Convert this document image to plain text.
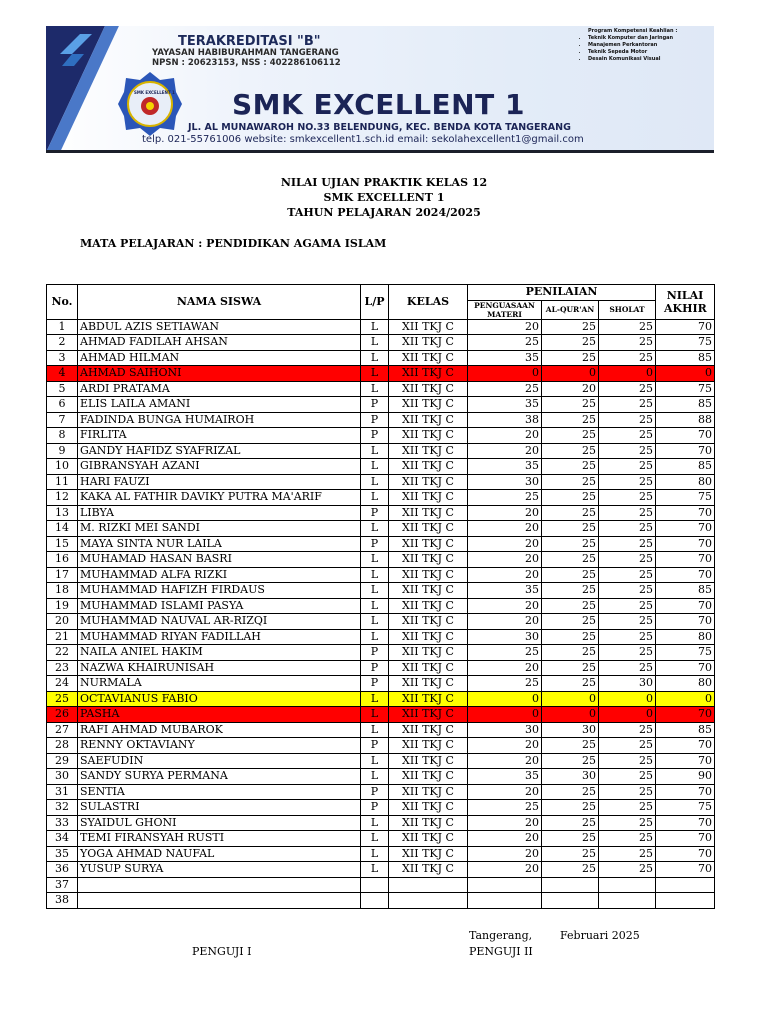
SMK EXCELLENT 1
TERAKREDITASI "B"
YAYASAN HABIBURAHMAN TANGERANG
NPSN : 20623153, NSS : 402286106112
SMK EXCELLENT 1
JL. AL MUNAWAROH NO.33 BELENDUNG, KEC. BENDA KOTA TANGERANG
telp. 021-55761006 website: smkexcellent1.sch.id email: sekolahexcellent1@gmail.com
Program Kompetensi Keahlian :
• Teknik Komputer dan Jaringan
• Manajemen Perkantoran
• Teknik Sepeda Motor
• Desain Komunikasi Visual
NILAI UJIAN PRAKTIK KELAS 12
SMK EXCELLENT 1
TAHUN PELAJARAN 2024/2025
MATA PELAJARAN : PENDIDIKAN AGAMA ISLAM
No.	NAMA SISWA	L/P	KELAS	PENILAIAN			NILAI AKHIR
				PENGUASAAN MATERI	AL-QUR'AN	SHOLAT	
1	ABDUL AZIS SETIAWAN	L	XII TKJ C	20	25	25	70
2	AHMAD FADILAH AHSAN	L	XII TKJ C	25	25	25	75
3	AHMAD HILMAN	L	XII TKJ C	35	25	25	85
4	AHMAD SAIHONI	L	XII TKJ C	0	0	0	0
5	ARDI PRATAMA	L	XII TKJ C	25	20	25	75
6	ELIS LAILA AMANI	P	XII TKJ C	35	25	25	85
7	FADINDA BUNGA HUMAIROH	P	XII TKJ C	38	25	25	88
8	FIRLITA	P	XII TKJ C	20	25	25	70
9	GANDY HAFIDZ SYAFRIZAL	L	XII TKJ C	20	25	25	70
10	GIBRANSYAH AZANI	L	XII TKJ C	35	25	25	85
11	HARI FAUZI	L	XII TKJ C	30	25	25	80
12	KAKA AL FATHIR DAVIKY PUTRA MA'ARIF	L	XII TKJ C	25	25	25	75
13	LIBYA	P	XII TKJ C	20	25	25	70
14	M. RIZKI MEI SANDI	L	XII TKJ C	20	25	25	70
15	MAYA SINTA NUR LAILA	P	XII TKJ C	20	25	25	70
16	MUHAMAD HASAN BASRI	L	XII TKJ C	20	25	25	70
17	MUHAMMAD ALFA RIZKI	L	XII TKJ C	20	25	25	70
18	MUHAMMAD HAFIZH FIRDAUS	L	XII TKJ C	35	25	25	85
19	MUHAMMAD ISLAMI PASYA	L	XII TKJ C	20	25	25	70
20	MUHAMMAD NAUVAL AR-RIZQI	L	XII TKJ C	20	25	25	70
21	MUHAMMAD RIYAN FADILLAH	L	XII TKJ C	30	25	25	80
22	NAILA ANIEL HAKIM	P	XII TKJ C	25	25	25	75
23	NAZWA KHAIRUNISAH	P	XII TKJ C	20	25	25	70
24	NURMALA	P	XII TKJ C	25	25	30	80
25	OCTAVIANUS FABIO	L	XII TKJ C	0	0	0	0
26	PASHA	L	XII TKJ C	0	0	0	70
27	RAFI AHMAD MUBAROK	L	XII TKJ C	30	30	25	85
28	RENNY OKTAVIANY	P	XII TKJ C	20	25	25	70
29	SAEFUDIN	L	XII TKJ C	20	25	25	70
30	SANDY SURYA PERMANA	L	XII TKJ C	35	30	25	90
31	SENTIA	P	XII TKJ C	20	25	25	70
32	SULASTRI	P	XII TKJ C	25	25	25	75
33	SYAIDUL GHONI	L	XII TKJ C	20	25	25	70
34	TEMI FIRANSYAH RUSTI	L	XII TKJ C	20	25	25	70
35	YOGA AHMAD NAUFAL	L	XII TKJ C	20	25	25	70
36	YUSUP SURYA	L	XII TKJ C	20	25	25	70
37							
38							
Tangerang,	Februari 2025
PENGUJI I	PENGUJI II
